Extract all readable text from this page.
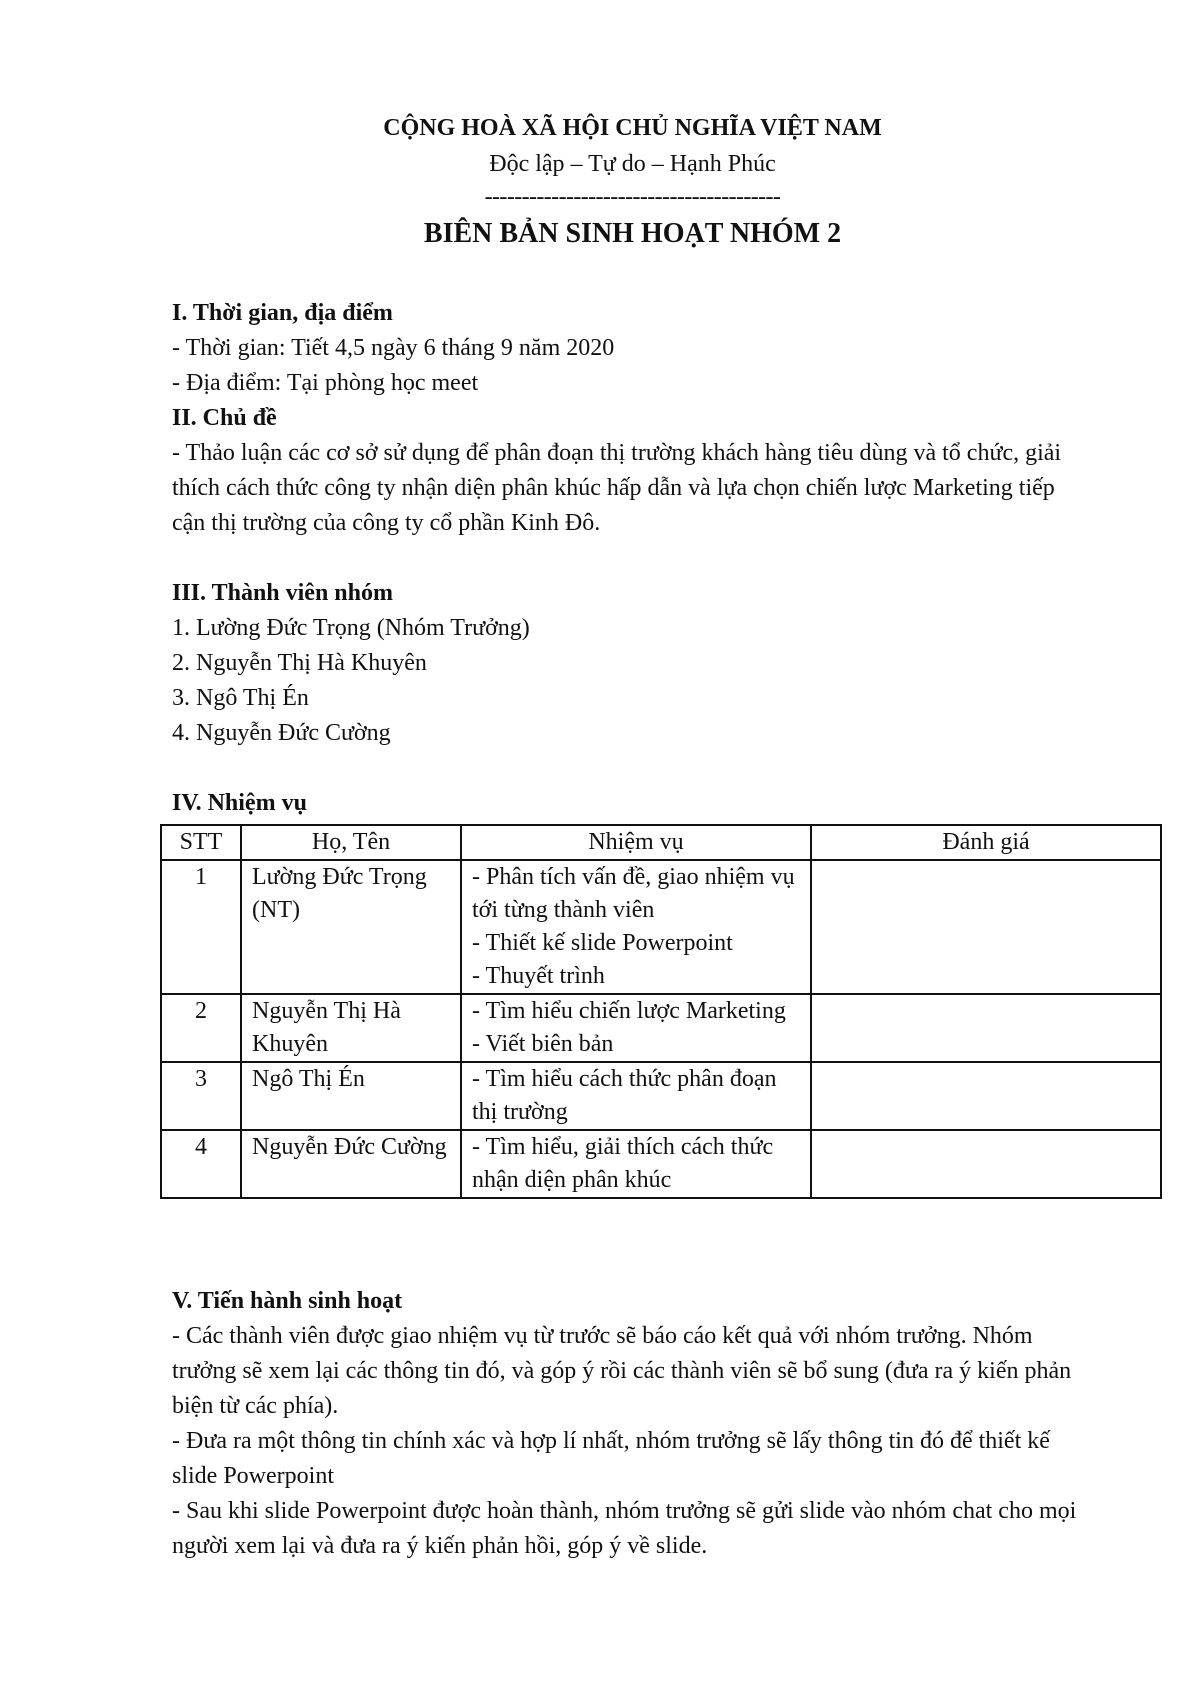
CỘNG HOÀ XÃ HỘI CHỦ NGHĨA VIỆT NAM
Độc lập – Tự do – Hạnh Phúc
----------------------------------------
BIÊN BẢN SINH HOẠT NHÓM 2
I. Thời gian, địa điểm
- Thời gian: Tiết 4,5 ngày 6 tháng 9 năm 2020
- Địa điểm: Tại phòng học meet
II. Chủ đề

- Thảo luận các cơ sở sử dụng để phân đoạn thị trường khách hàng tiêu dùng và tổ chức, giải thích cách thức công ty nhận diện phân khúc hấp dẫn và lựa chọn chiến lược Marketing tiếp cận thị trường của công ty cổ phần Kinh Đô.

III. Thành viên nhóm
1. Lường Đức Trọng (Nhóm Trưởng)
2. Nguyễn Thị Hà Khuyên
3. Ngô Thị Én
4. Nguyễn Đức Cường
IV. Nhiệm vụ
STT	Họ, Tên	Nhiệm vụ	Đánh giá
1	Lường Đức Trọng (NT)	- Phân tích vấn đề, giao nhiệm vụ tới từng thành viên
- Thiết kế slide Powerpoint
- Thuyết trình	

2	Nguyễn Thị Hà Khuyên	- Tìm hiểu chiến lược Marketing
- Viết biên bản	

3	Ngô Thị Én	- Tìm hiểu cách thức phân đoạn thị trường	

4	Nguyễn Đức Cường	- Tìm hiểu, giải thích cách thức nhận diện phân khúc	

V. Tiến hành sinh hoạt

- Các thành viên được giao nhiệm vụ từ trước sẽ báo cáo kết quả với nhóm trưởng. Nhóm trưởng sẽ xem lại các thông tin đó, và góp ý rồi các thành viên sẽ bổ sung (đưa ra ý kiến phản biện từ các phía).

- Đưa ra một thông tin chính xác và hợp lí nhất, nhóm trưởng sẽ lấy thông tin đó để thiết kế slide Powerpoint

- Sau khi slide Powerpoint được hoàn thành, nhóm trưởng sẽ gửi slide vào nhóm chat cho mọi người xem lại và đưa ra ý kiến phản hồi, góp ý về slide.
